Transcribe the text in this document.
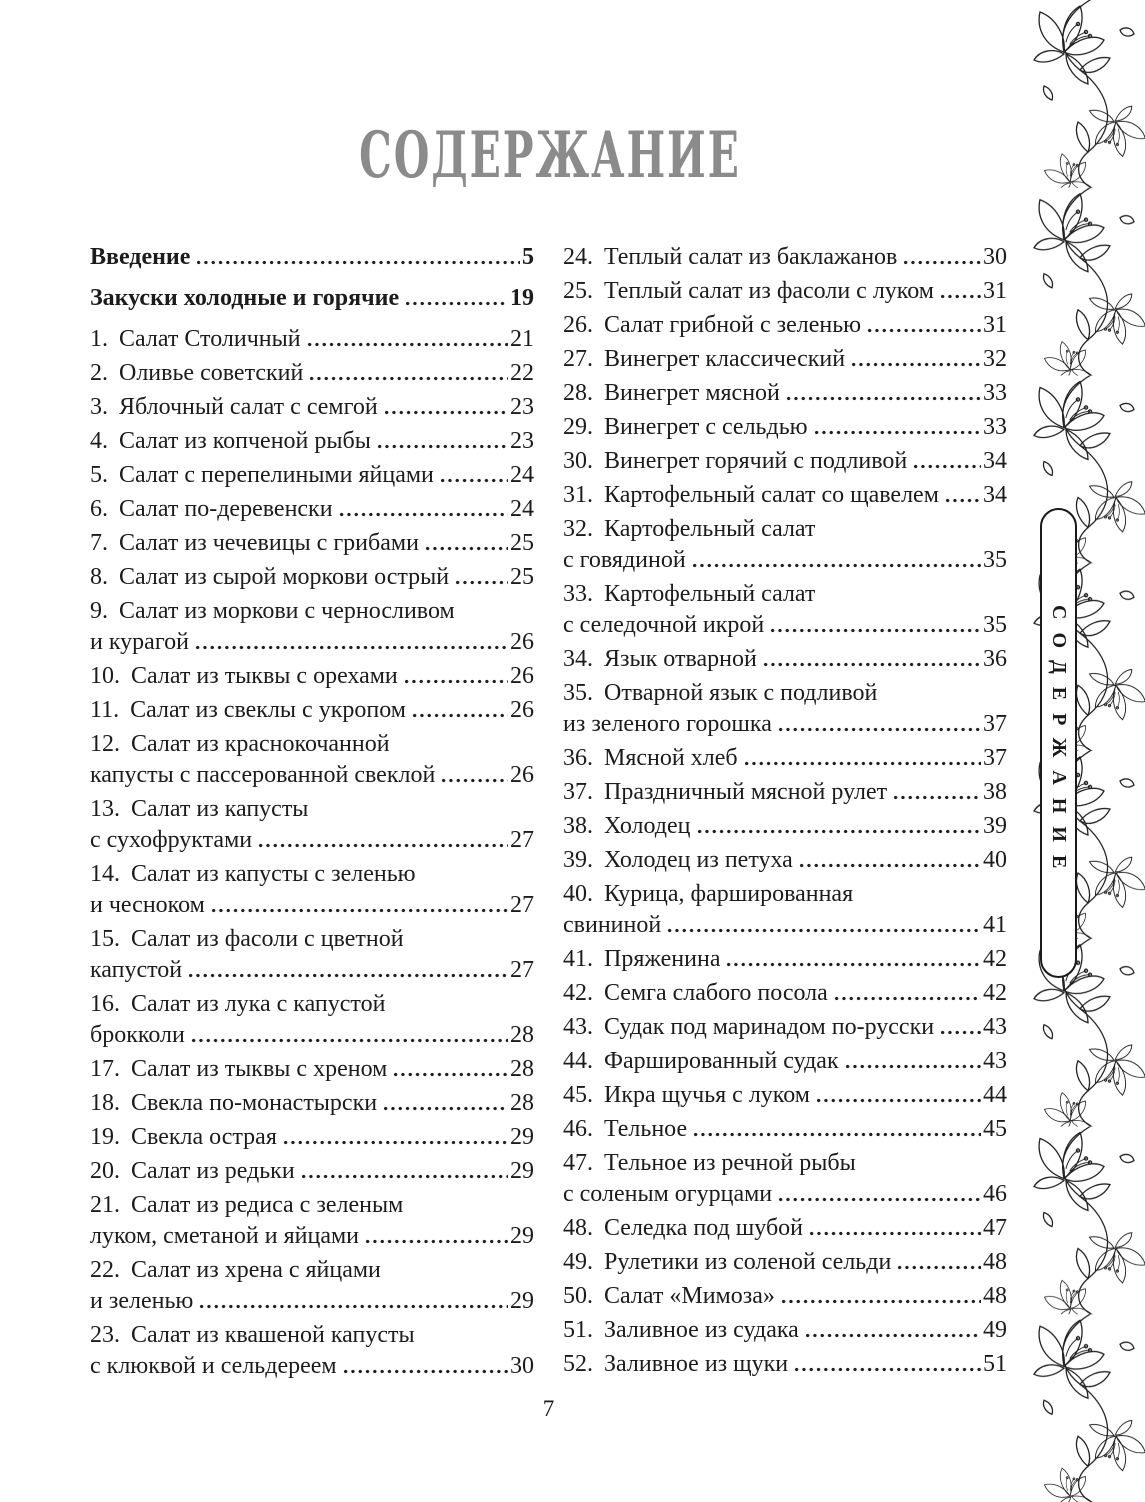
СОДЕРЖАНИЕ
Введение	5
Закуски холодные и горячие	19
1. Салат Столичный	21
2. Оливье советский	22
3. Яблочный салат с семгой	23
4. Салат из копченой рыбы	23
5. Салат с перепелиными яйцами	24
6. Салат по-деревенски	24
7. Салат из чечевицы с грибами	25
8. Салат из сырой моркови острый	25
9. Салат из моркови с черносливом
и курагой	26
10. Салат из тыквы с орехами	26
11. Салат из свеклы с укропом	26
12. Салат из краснокочанной
капусты с пассерованной свеклой	26
13. Салат из капусты
с сухофруктами	27
14. Салат из капусты с зеленью
и чесноком	27
15. Салат из фасоли с цветной
капустой	27
16. Салат из лука с капустой
брокколи	28
17. Салат из тыквы с хреном	28
18. Свекла по-монастырски	28
19. Свекла острая	29
20. Салат из редьки	29
21. Салат из редиса с зеленым
луком, сметаной и яйцами	29
22. Салат из хрена с яйцами
и зеленью	29
23. Салат из квашеной капусты
с клюквой и сельдереем	30
24. Теплый салат из баклажанов	30
25. Теплый салат из фасоли с луком 31
26. Салат грибной с зеленью	31
27. Винегрет классический	32
28. Винегрет мясной	33
29. Винегрет с сельдью	33
30. Винегрет горячий с подливой	34
31. Картофельный салат со щавелем 34
32. Картофельный салат
с говядиной	35
33. Картофельный салат
с селедочной икрой	35
34. Язык отварной	36
35. Отварной язык с подливой
из зеленого горошка	37
36. Мясной хлеб	37
37. Праздничный мясной рулет	38
38. Холодец	39
39. Холодец из петуха	40
40. Курица, фаршированная
свининой	41
41. Пряженина	42
42. Семга слабого посола	42
43. Судак под маринадом по-русски 43
44. Фаршированный судак	43
45. Икра щучья с луком	44
46. Тельное	45
47. Тельное из речной рыбы
с соленым огурцами	46
48. Селедка под шубой	47
49. Рулетики из соленой сельди	48
50. Салат «Мимоза»	48
51. Заливное из судака	49
52. Заливное из щуки	51
7
СОДЕРЖАНИЕ
